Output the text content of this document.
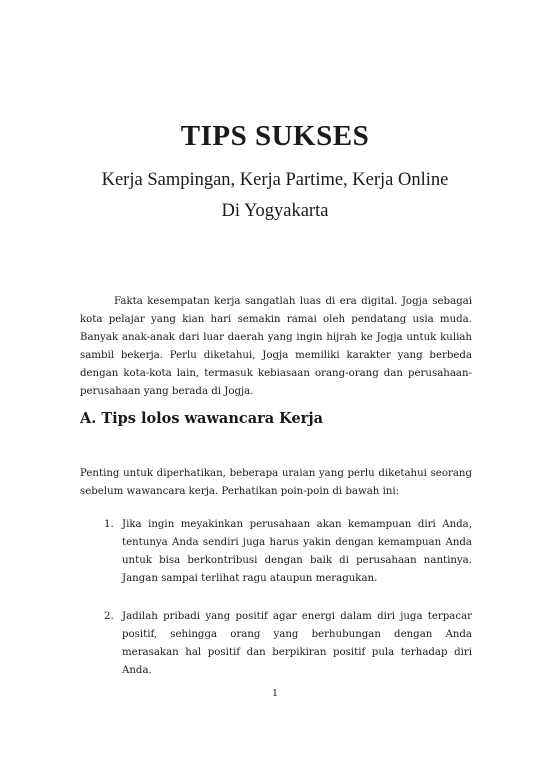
TIPS SUKSES

Kerja Sampingan, Kerja Partime, Kerja Online

Di Yogyakarta

Fakta kesempatan kerja sangatlah luas di era digital. Jogja sebagai kota pelajar yang kian hari semakin ramai oleh pendatang usia muda. Banyak anak-anak dari luar daerah yang ingin hijrah ke Jogja untuk kuliah sambil bekerja. Perlu diketahui, Jogja memiliki karakter yang berbeda dengan kota-kota lain, termasuk kebiasaan orang-orang dan perusahaan-perusahaan yang berada di Jogja.

A. Tips lolos wawancara Kerja

Penting untuk diperhatikan, beberapa uraian yang perlu diketahui seorang sebelum wawancara kerja. Perhatikan poin-poin di bawah ini:

1. Jika ingin meyakinkan perusahaan akan kemampuan diri Anda, tentunya Anda sendiri juga harus yakin dengan kemampuan Anda untuk bisa berkontribusi dengan baik di perusahaan nantinya. Jangan sampai terlihat ragu ataupun meragukan.

2. Jadilah pribadi yang positif agar energi dalam diri juga terpacar positif, sehingga orang yang berhubungan dengan Anda merasakan hal positif dan berpikiran positif pula terhadap diri Anda.

1
